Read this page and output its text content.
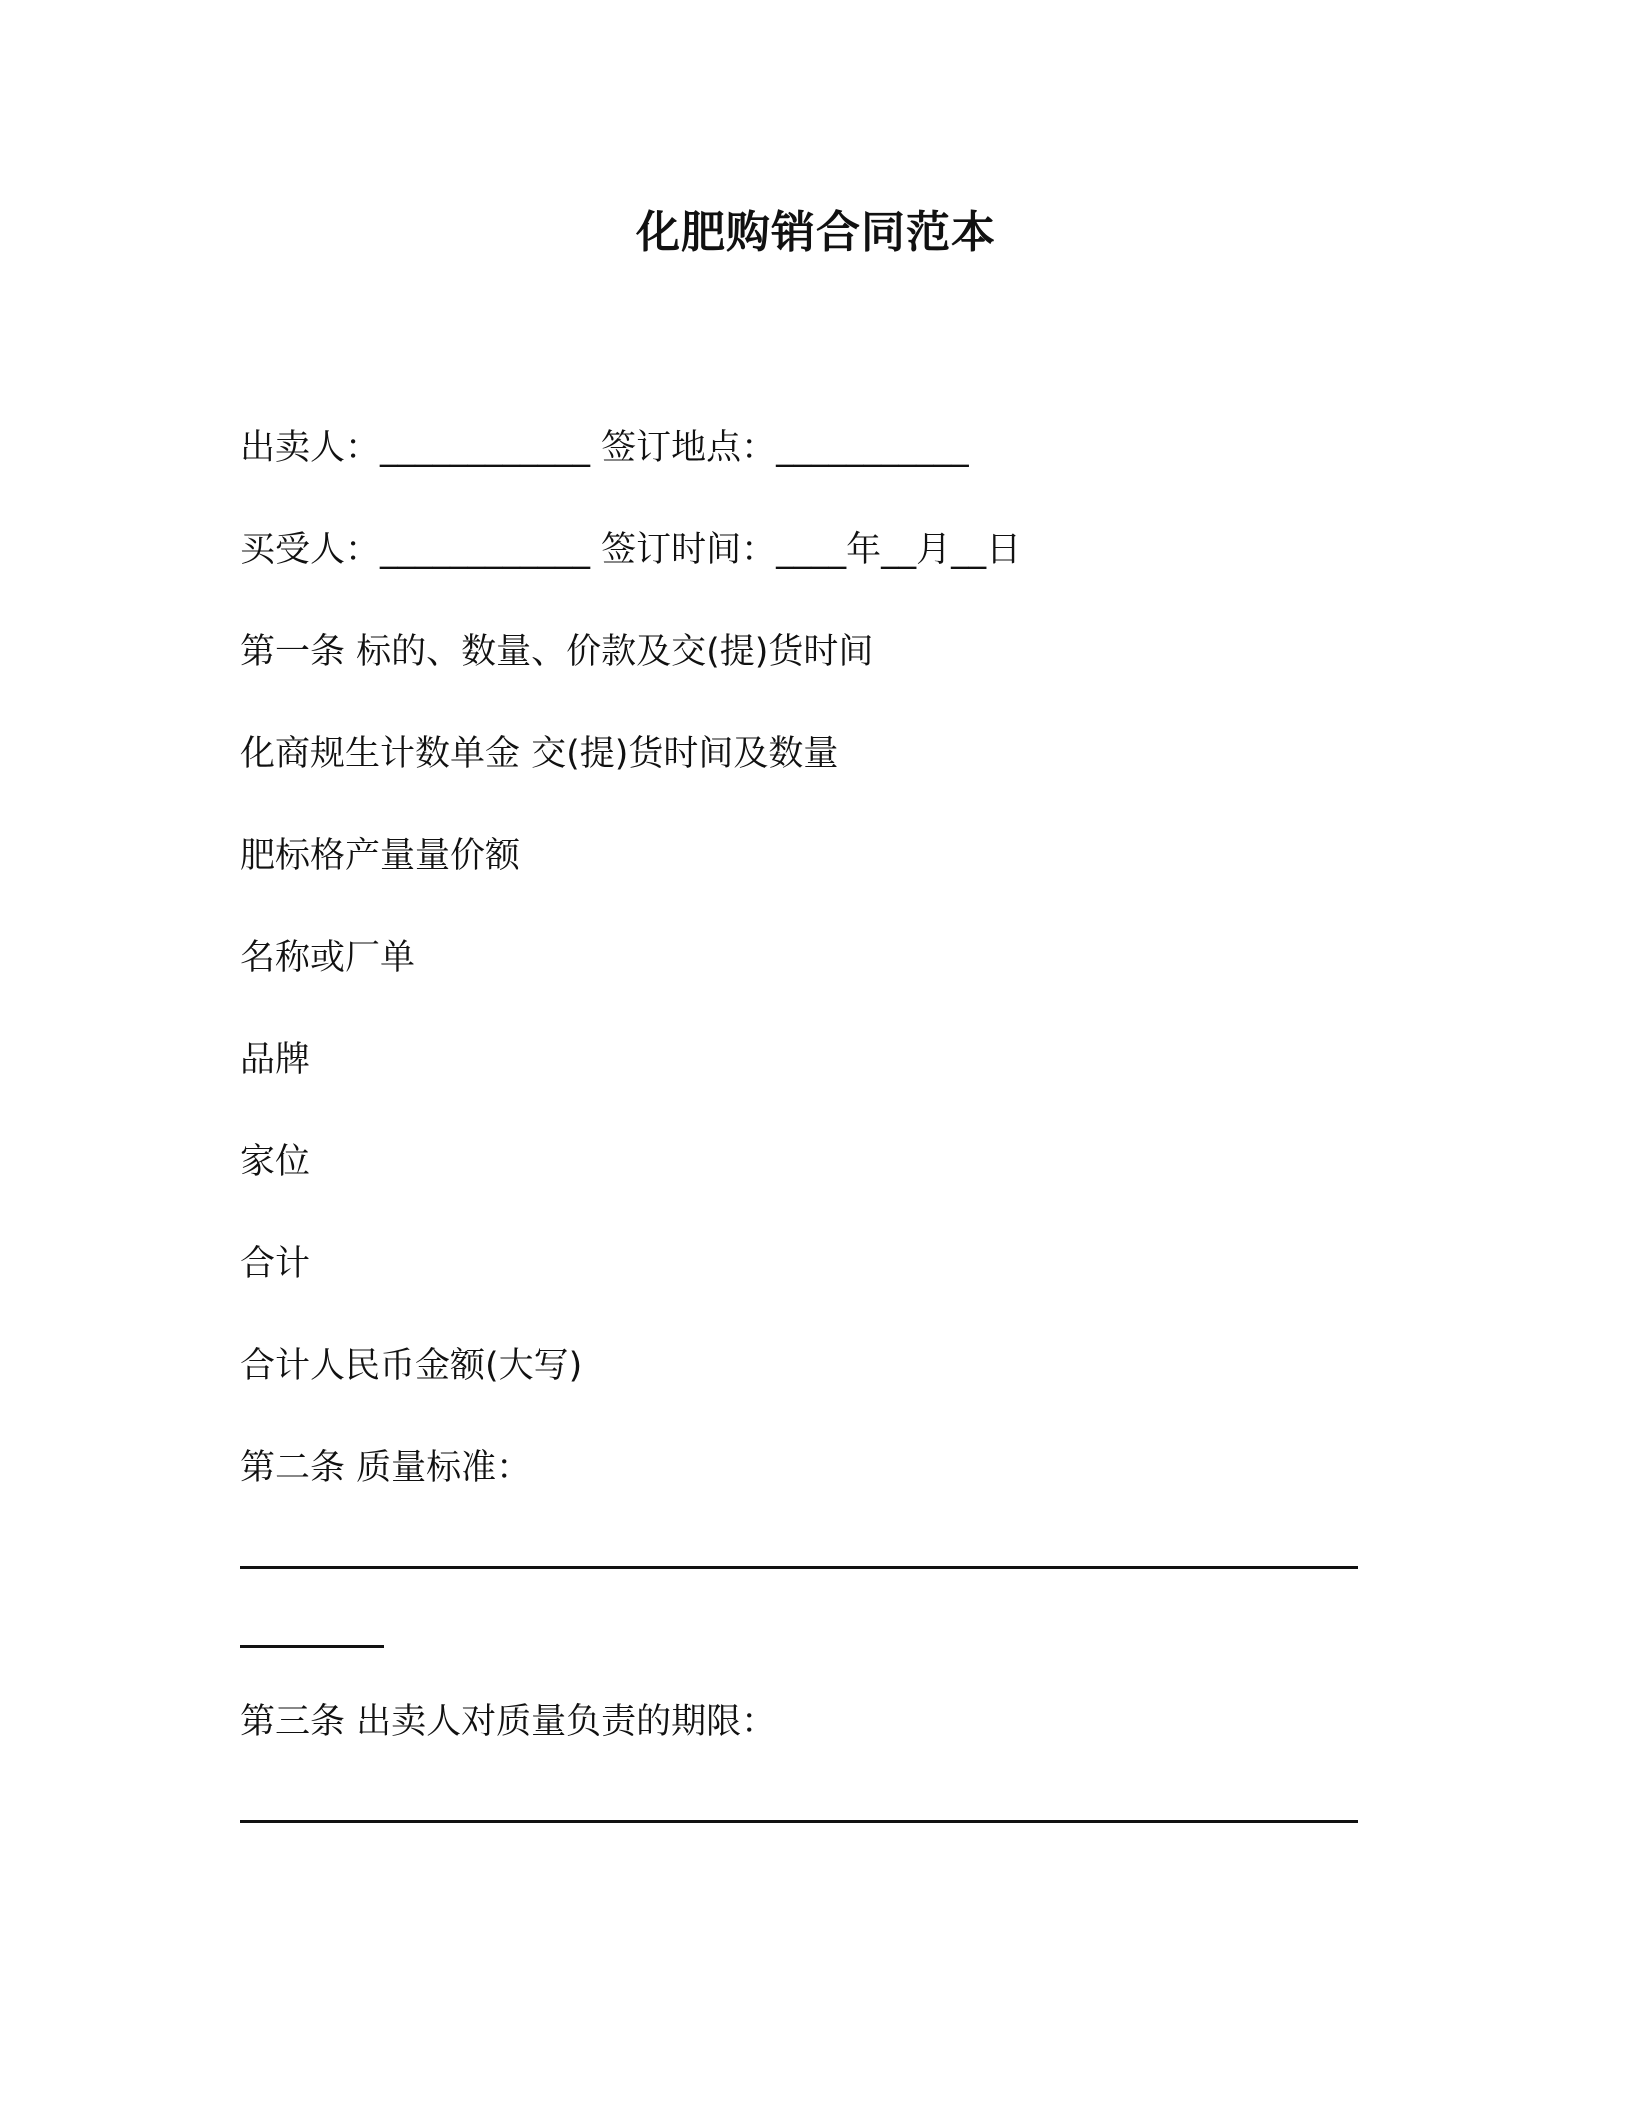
化肥购销合同范本
出卖人：____________ 签订地点：___________
买受人：____________ 签订时间：____年__月__日
第一条 标的、数量、价款及交(提)货时间
化商规生计数单金 交(提)货时间及数量
肥标格产量量价额
名称或厂单
品牌
家位
合计
合计人民币金额(大写)
第二条 质量标准：
第三条 出卖人对质量负责的期限：
